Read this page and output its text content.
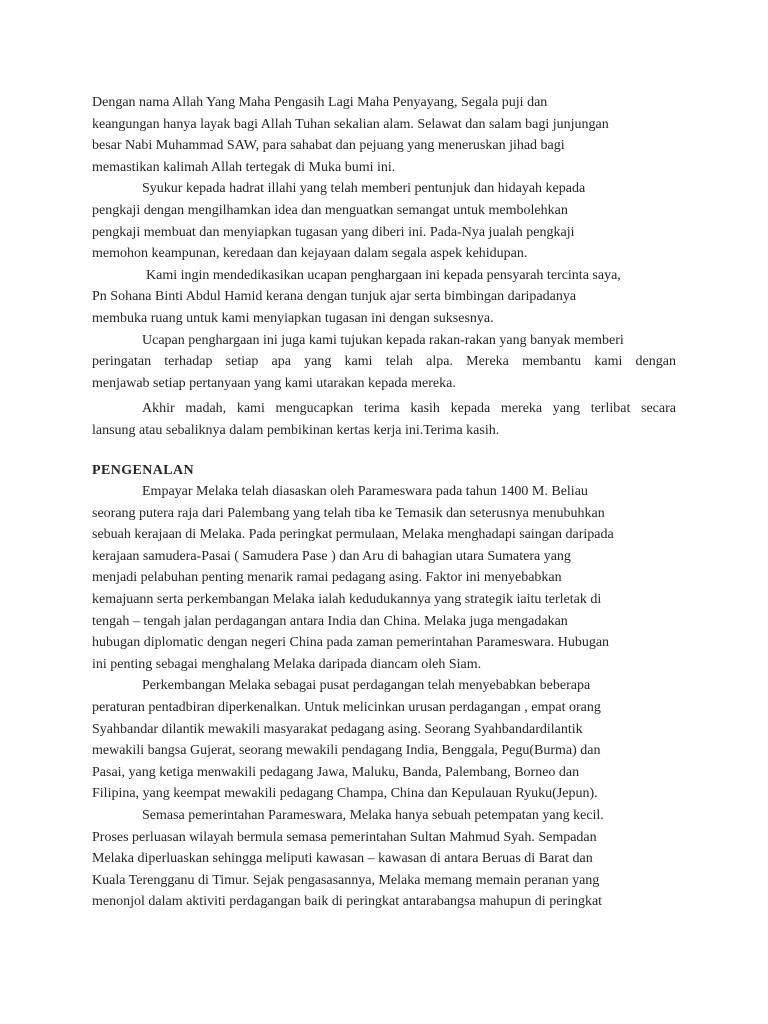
Dengan nama Allah Yang Maha Pengasih Lagi Maha Penyayang, Segala puji dan
keangungan hanya layak bagi Allah Tuhan sekalian alam. Selawat dan salam bagi junjungan
besar Nabi Muhammad SAW, para sahabat dan pejuang yang meneruskan jihad bagi
memastikan kalimah Allah tertegak di Muka bumi ini.

Syukur kepada hadrat illahi yang telah memberi pentunjuk dan hidayah kepada
pengkaji dengan mengilhamkan idea dan menguatkan semangat untuk membolehkan
pengkaji membuat dan menyiapkan tugasan yang diberi ini. Pada-Nya jualah pengkaji
memohon keampunan, keredaan dan kejayaan dalam segala aspek kehidupan.

Kami ingin mendedikasikan ucapan penghargaan ini kepada pensyarah tercinta saya,
Pn Sohana Binti Abdul Hamid kerana dengan tunjuk ajar serta bimbingan daripadanya
membuka ruang untuk kami menyiapkan tugasan ini dengan suksesnya.

Ucapan penghargaan ini juga kami tujukan kepada rakan-rakan yang banyak memberi
peringatan terhadap setiap apa yang kami telah alpa. Mereka membantu kami dengan
menjawab setiap pertanyaan yang kami utarakan kepada mereka.

Akhir madah, kami mengucapkan terima kasih kepada mereka yang terlibat secara
lansung atau sebaliknya dalam pembikinan kertas kerja ini.Terima kasih.

PENGENALAN

Empayar Melaka telah diasaskan oleh Parameswara pada tahun 1400 M. Beliau
seorang putera raja dari Palembang yang telah tiba ke Temasik dan seterusnya menubuhkan
sebuah kerajaan di Melaka. Pada peringkat permulaan, Melaka menghadapi saingan daripada
kerajaan samudera-Pasai ( Samudera Pase ) dan Aru di bahagian utara Sumatera yang
menjadi pelabuhan penting menarik ramai pedagang asing. Faktor ini menyebabkan
kemajuann serta perkembangan Melaka ialah kedudukannya yang strategik iaitu terletak di
tengah – tengah jalan perdagangan antara India dan China. Melaka juga mengadakan
hubugan diplomatic dengan negeri China pada zaman pemerintahan Parameswara. Hubugan
ini penting sebagai menghalang Melaka daripada diancam oleh Siam.

Perkembangan Melaka sebagai pusat perdagangan telah menyebabkan beberapa
peraturan pentadbiran diperkenalkan. Untuk melicinkan urusan perdagangan , empat orang
Syahbandar dilantik mewakili masyarakat pedagang asing. Seorang Syahbandardilantik
mewakili bangsa Gujerat, seorang mewakili pendagang India, Benggala, Pegu(Burma) dan
Pasai, yang ketiga menwakili pedagang Jawa, Maluku, Banda, Palembang, Borneo dan
Filipina, yang keempat mewakili pedagang Champa, China dan Kepulauan Ryuku(Jepun).

Semasa pemerintahan Parameswara, Melaka hanya sebuah petempatan yang kecil.
Proses perluasan wilayah bermula semasa pemerintahan Sultan Mahmud Syah. Sempadan
Melaka diperluaskan sehingga meliputi kawasan – kawasan di antara Beruas di Barat dan
Kuala Terengganu di Timur. Sejak pengasasannya, Melaka memang memain peranan yang
menonjol dalam aktiviti perdagangan baik di peringkat antarabangsa mahupun di peringkat
